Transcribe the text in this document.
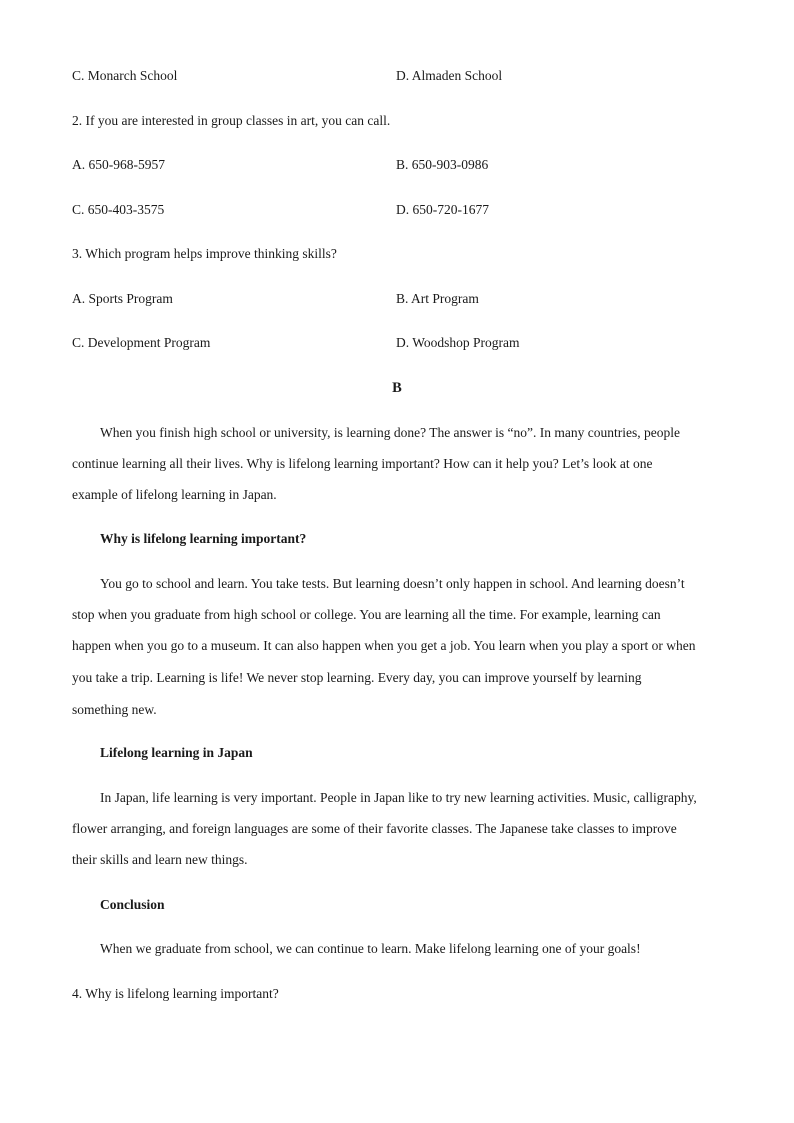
C. Monarch School	D. Almaden School
2. If you are interested in group classes in art, you can call.
A. 650-968-5957	B. 650-903-0986
C. 650-403-3575	D. 650-720-1677
3. Which program helps improve thinking skills?
A. Sports Program	B. Art Program
C. Development Program	D. Woodshop Program
B
When you finish high school or university, is learning done? The answer is “no”. In many countries, people
continue learning all their lives. Why is lifelong learning important? How can it help you? Let’s look at one
example of lifelong learning in Japan.
Why is lifelong learning important?
You go to school and learn. You take tests. But learning doesn’t only happen in school. And learning doesn’t
stop when you graduate from high school or college. You are learning all the time. For example, learning can
happen when you go to a museum. It can also happen when you get a job. You learn when you play a sport or when
you take a trip. Learning is life! We never stop learning. Every day, you can improve yourself by learning
something new.
Lifelong learning in Japan
In Japan, life learning is very important. People in Japan like to try new learning activities. Music, calligraphy,
flower arranging, and foreign languages are some of their favorite classes. The Japanese take classes to improve
their skills and learn new things.
Conclusion
When we graduate from school, we can continue to learn. Make lifelong learning one of your goals!
4. Why is lifelong learning important?
